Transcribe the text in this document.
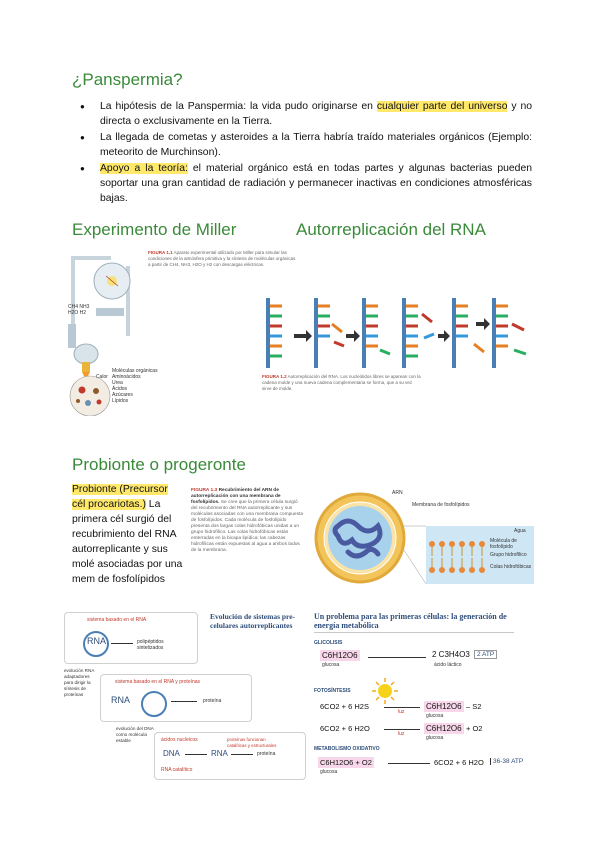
¿Panspermia?
● La hipótesis de la Panspermia: la vida pudo originarse en cualquier parte del universo y no directa o exclusivamente en la Tierra.
● La llegada de cometas y asteroides a la Tierra habría traído materiales orgánicos (Ejemplo: meteorito de Murchinson).
● Apoyo a la teoría: el material orgánico está en todas partes y algunas bacterias pueden soportar una gran cantidad de radiación y permanecer inactivas en condiciones atmosféricas bajas.
Experimento de Miller	Autorreplicación del RNA
FIGURA 1.1 Aparato experimental utilizado por Miller para simular las condiciones de la atmósfera primitiva y la síntesis de moléculas orgánicas a partir de CH4, NH3, H2O y H2 con descargas eléctricas.
Moléculas orgánicas
Aminoácidos
Urea
Ácidos
Azúcares
Lípidos
CH4 NH3
H2O H2
Calor	FIGURA 1.2 Autorreplicación del RNA. Los nucleótidos libres se aparean con la cadena molde y una nueva cadena complementaria se forma, que a su vez sirve de molde.
Probionte o progeronte
Probionte (Precursor cél procariotas.) La primera cél surgió del recubrimiento del RNA autorreplicante y sus molé asociadas por una mem de fosfolípidos
FIGURA 1.3 Recubrimiento del ARN de autorreplicación con una membrana de fosfolípidos. Se cree que la primera célula surgió del recubrimiento del RNA autorreplicante y sus moléculas asociadas con una membrana compuesta de fosfolípidos. Cada molécula de fosfolípido presenta dos largas colas hidrofóbicas unidas a un grupo hidrofílico. Las colas hidrofóbicas están enterradas en la bicapa lipídica; las cabezas hidrofílicas están expuestas al agua a ambos lados de la membrana.
ARN
Membrana de fosfolípidos
Agua
Molécula de fosfolípido
Grupo hidrofílico
Colas hidrofóbicas
Evolución de sistemas pre-celulares autorreplicantes
sistema basado en el RNA
RNA	polipéptidos
sintetizados
evolución RNA
adaptadores
para dirigir la
síntesis de
proteínas
sistema basado en el RNA y proteínas
RNA	proteína
evolución del DNA
como molécula
estable	ácidos nucleicos
DNA	RNA	proteína
proteínas funcionan
catalíticas y estructurales
RNA catalítico
Un problema para las primeras células: la generación de energía metabólica
GLICOLISIS
C6H12O6
glucosa
2 C3H4O3
ácido láctico
2 ATP
FOTOSÍNTESIS
6CO2 + 6 H2S
luz
C6H12O6
glucosa
– S2
6CO2 + 6 H2O
luz
C6H12O6
glucosa
+ O2
METABOLISMO OXIDATIVO
C6H12O6 + O2
glucosa
6CO2 + 6 H2O	36-38 ATP
